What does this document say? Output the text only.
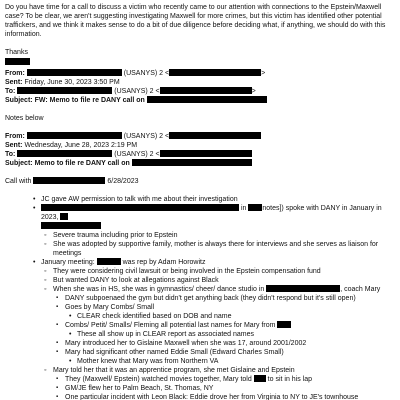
Do you have time for a call to discuss a victim who recently came to our attention with connections to the Epstein/Maxwell case? To be clear, we aren't suggesting investigating Maxwell for more crimes, but this victim has identified other potential traffickers, and we think it makes sense to do a bit of due diligence before deciding what, if anything, we should do with this information.

Thanks

From:	(USANYS) 2 <	>

Sent: Friday, June 30, 2023 3:50 PM

To:	(USANYS) 2 <	>

Subject: FW: Memo to file re DANY call on

Notes below

From:	(USANYS) 2 <

Sent: Wednesday, June 28, 2023 2:19 PM

To:	(USANYS) 2 <

Subject: Memo to file re DANY call on

Call with	6/28/2023

• JC gave AW permission to talk with me about their investigation
• in notes]) spoke with DANY in January in 2023,

◦ Severe trauma including prior to Epstein
◦ She was adopted by supportive family, mother is always there for interviews and she serves as liaison for meetings
• January meeting:	was rep by Adam Horowitz
◦ They were considering civil lawsuit or being involved in the Epstein compensation fund
◦ But wanted DANY to look at allegations against Black
◦ When she was in HS, she was in gymnastics/ cheer/ dance studio in	, coach Mary
▪ DANY subpoenaed the gym but didn't get anything back (they didn't respond but it's still open)
▪ Goes by Mary Combs/ Small
• CLEAR check identified based on DOB and name
▪ Combs/ Petit/ Smalls/ Fleming all potential last names for Mary from
• These all show up in CLEAR report as associated names
▪ Mary introduced her to Gislaine Maxwell when she was 17, around 2001/2002
▪ Mary had significant other named Eddie Small (Edward Charles Small)
• Mother knew that Mary was from Northern VA
◦ Mary told her that it was an apprentice program, she met Gislaine and Epstein
▪ They (Maxwell/ Epstein) watched movies together, Mary told to sit in his lap
▪ GM/JE flew her to Palm Beach, St. Thomas, NY
▪ One particular incident with Leon Black: Eddie drove her from Virginia to NY to JE's townhouse
